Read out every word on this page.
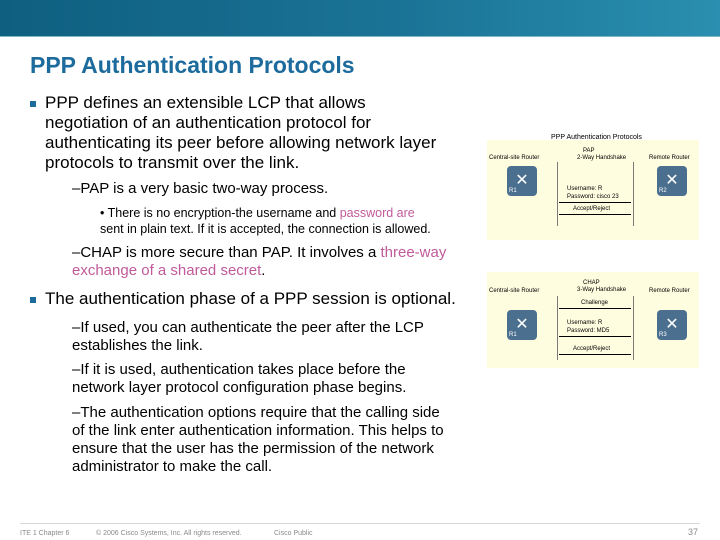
PPP Authentication Protocols
PPP defines an extensible LCP that allows
negotiation of an authentication protocol for
authenticating its peer before allowing network layer
protocols to transmit over the link.
–PAP is a very basic two-way process.
• There is no encryption-the username and password are
sent in plain text. If it is accepted, the connection is allowed.
–CHAP is more secure than PAP. It involves a three-way
exchange of a shared secret.
The authentication phase of a PPP session is optional.
–If used, you can authenticate the peer after the LCP
establishes the link.
–If it is used, authentication takes place before the
network layer protocol configuration phase begins.
–The authentication options require that the calling side
of the link enter authentication information. This helps to
ensure that the user has the permission of the network
administrator to make the call.
PPP Authentication Protocols
Central-site Router	Remote Router
PAP
2-Way Handshake
✕
R1
✕
R2
Username: R
Password: cisco 23
Accept/Reject
Central-site Router	Remote Router
CHAP
3-Way Handshake
✕
R1
✕
R3
Challenge
Username: R
Password: MD5
Accept/Reject
ITE 1 Chapter 6	© 2006 Cisco Systems, Inc. All rights reserved.	Cisco Public	37
